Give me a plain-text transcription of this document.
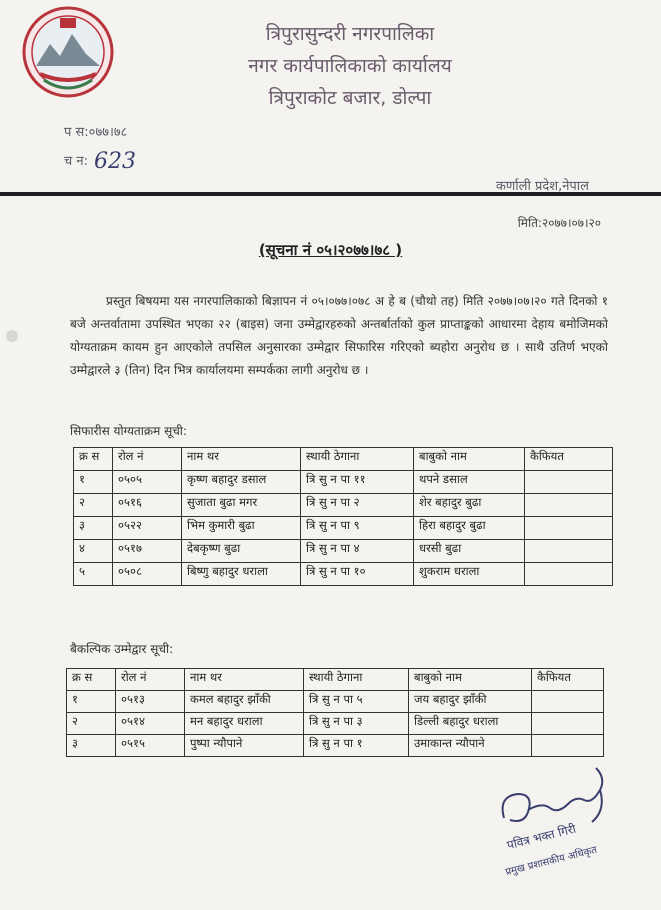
त्रिपुरासुन्दरी नगरपालिका
नगर कार्यपालिकाको कार्यालय
त्रिपुराकोट बजार, डोल्पा
प स:०७७।७८
च न: 623
कर्णाली प्रदेश,नेपाल
मिति:२०७७।०७।२०
(सूचना नं ०५।२०७७।७८ )
प्रस्तुत बिषयमा यस नगरपालिकाको बिज्ञापन नं ०५।०७७।०७८ अ हे ब (चौथो तह) मिति २०७७।०७।२० गते दिनको १ बजे अन्तर्वातामा उपस्थित भएका २२ (बाइस) जना उम्मेद्वारहरुको अन्तर्बार्ताको कुल प्राप्ताङ्कको आधारमा देहाय बमोजिमको योग्यताक्रम कायम हुन आएकोले तपसिल अनुसारका उम्मेद्वार सिफारिस गरिएको ब्यहोरा अनुरोध छ । साथै उतिर्ण भएको उम्मेद्वारले ३ (तिन) दिन भित्र कार्यालयमा सम्पर्कका लागी अनुरोध छ ।
सिफारीस योग्यताक्रम सूची:
क्र स	रोल नं	नाम थर	स्थायी ठेगाना	बाबुको नाम	कैफियत
१	०५०५	कृष्ण बहादुर डसाल	त्रि सु न पा ११	थपने डसाल	
२	०५१६	सुजाता बुढा मगर	त्रि सु न पा २	शेर बहादुर बुढा	
३	०५२२	भिम कुमारी बुढा	त्रि सु न पा ९	हिरा बहादुर बुढा	
४	०५१७	देबकृष्ण बुढा	त्रि सु न पा ४	धरसी बुढा	
५	०५०८	बिष्णु बहादुर धराला	त्रि सु न पा १०	शुकराम धराला	
बैकल्पिक उम्मेद्वार सूची:
क्र स	रोल नं	नाम थर	स्थायी ठेगाना	बाबुको नाम	कैफियत
१	०५१३	कमल बहादुर झाँकी	त्रि सु न पा ५	जय बहादुर झाँकी	
२	०५१४	मन बहादुर धराला	त्रि सु न पा ३	डिल्ली बहादुर धराला	
३	०५१५	पुष्पा न्यौपाने	त्रि सु न पा १	उमाकान्त न्यौपाने	
पवित्र भक्त गिरी
प्रमुख प्रशासकीय अधिकृत
